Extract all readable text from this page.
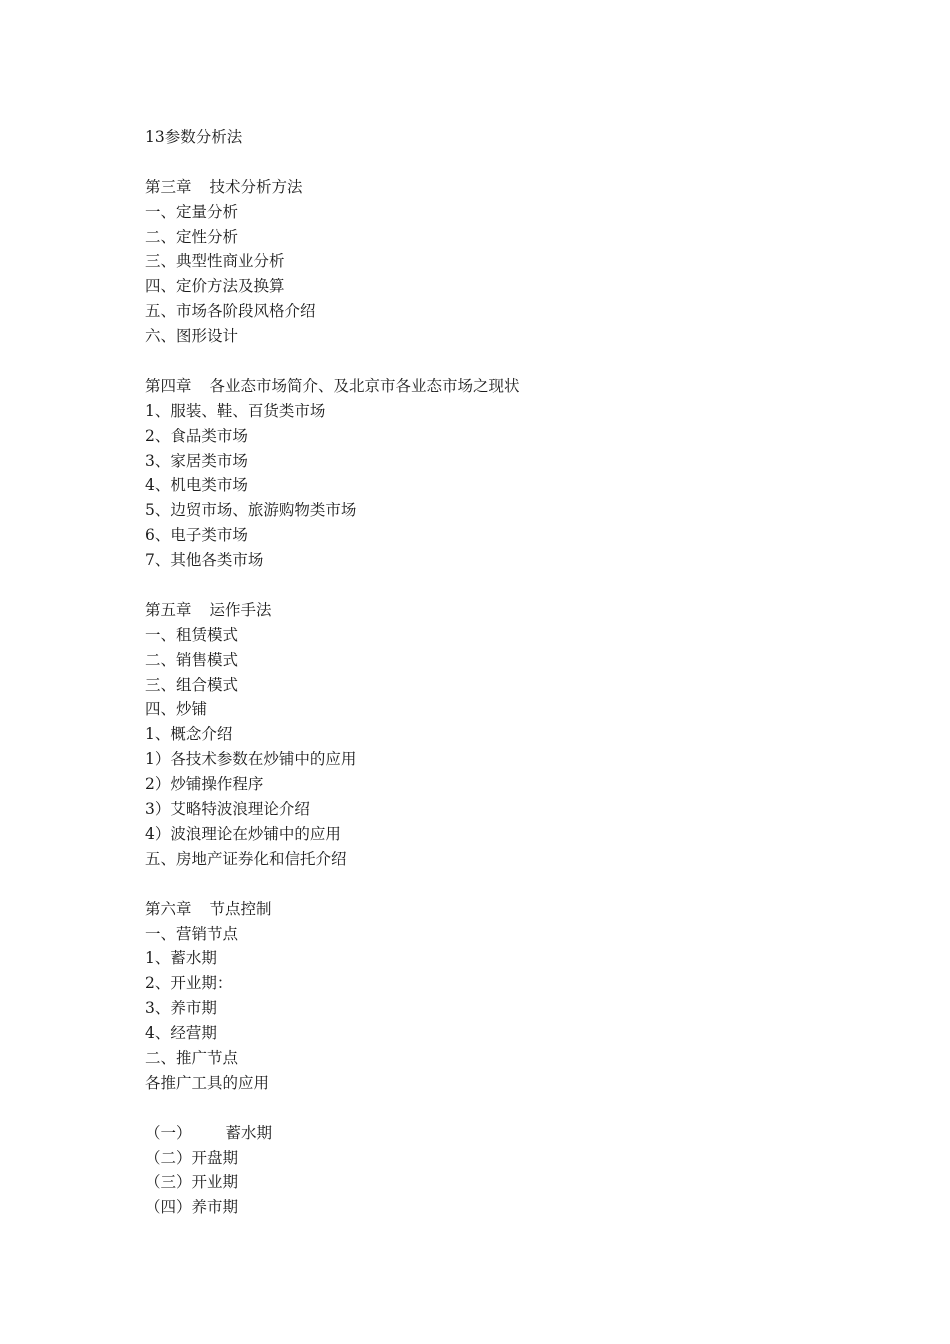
13参数分析法
第三章 技术分析方法
一、定量分析
二、定性分析
三、典型性商业分析
四、定价方法及换算
五、市场各阶段风格介绍
六、图形设计
第四章 各业态市场简介、及北京市各业态市场之现状
1、服装、鞋、百货类市场
2、食品类市场
3、家居类市场
4、机电类市场
5、边贸市场、旅游购物类市场
6、电子类市场
7、其他各类市场
第五章 运作手法
一、租赁模式
二、销售模式
三、组合模式
四、炒铺
1、概念介绍
1）各技术参数在炒铺中的应用
2）炒铺操作程序
3）艾略特波浪理论介绍
4）波浪理论在炒铺中的应用
五、房地产证券化和信托介绍
第六章 节点控制
一、营销节点
1、蓄水期
2、开业期：
3、养市期
4、经营期
二、推广节点
各推广工具的应用
（一） 蓄水期
（二）开盘期
（三）开业期
（四）养市期
